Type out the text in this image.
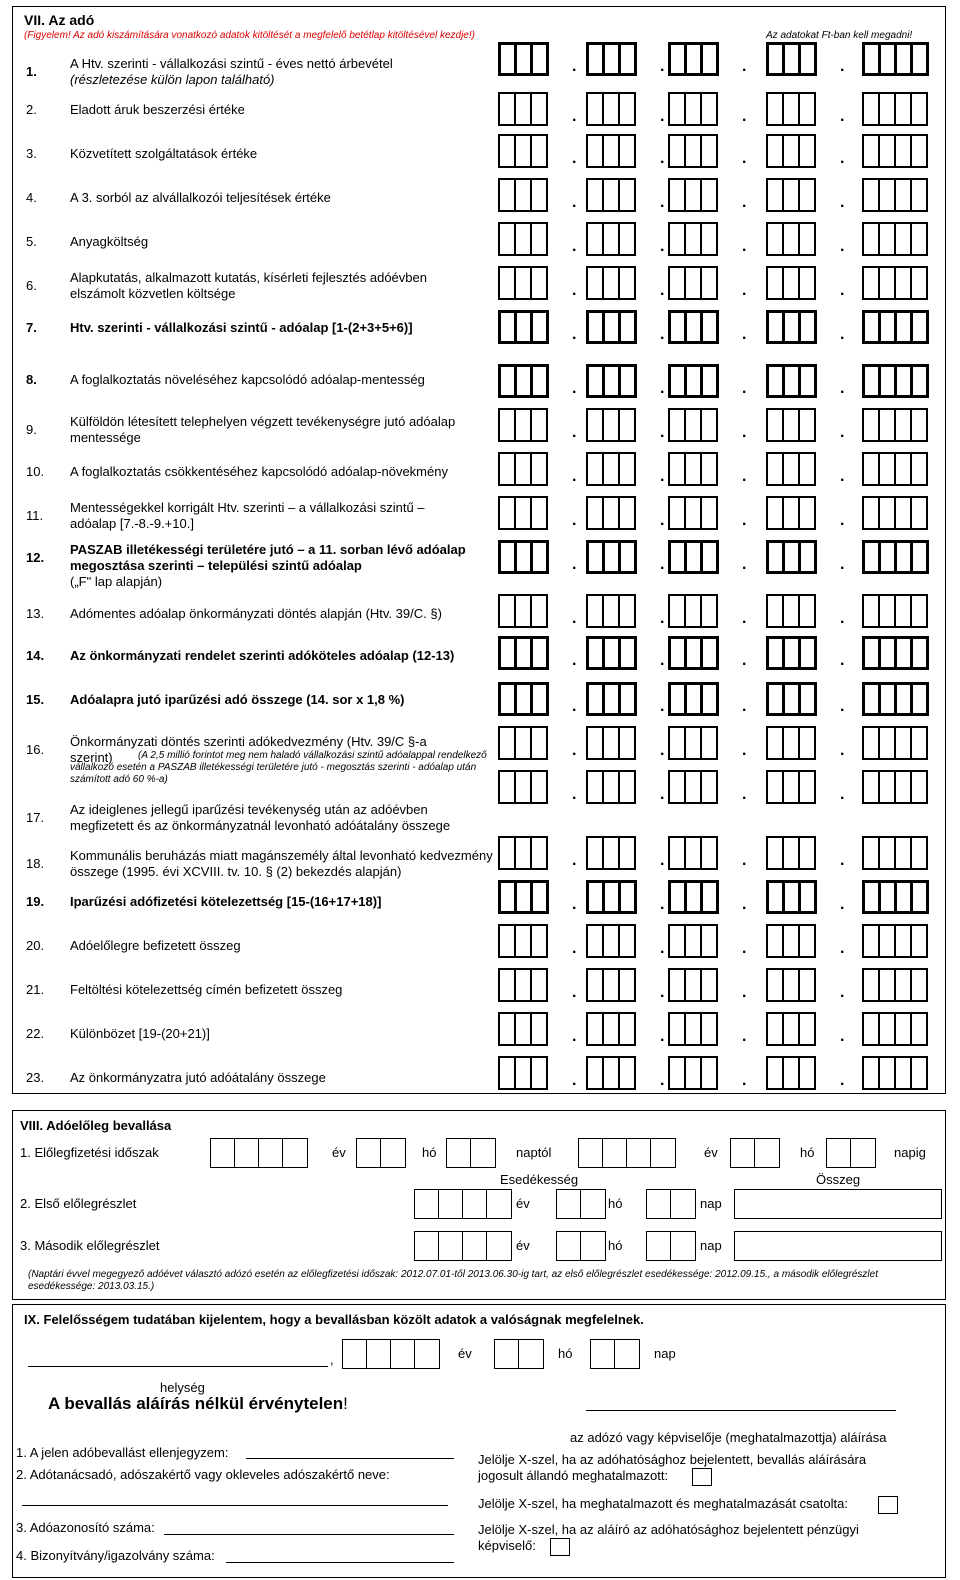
VII. Az adó
(Figyelem! Az adó kiszámítására vonatkozó adatok kitöltését a megfelelő betétlap kitöltésével kezdje!)	Az adatokat Ft-ban kell megadni!
1.
A Htv. szerinti - vállalkozási szintű - éves nettó árbevétel
(részletezése külön lapon található)
.	.	.	.
2.	Eladott áruk beszerzési értéke	.	.	.	.
3.	Közvetített szolgáltatások értéke	.	.	.	.
4.	A 3. sorból az alvállalkozói teljesítések értéke	.	.	.	.
5.	Anyagköltség	.	.	.	.
6.
Alapkutatás, alkalmazott kutatás, kísérleti fejlesztés adóévben
elszámolt közvetlen költsége	.	.	.	.
7.	Htv. szerinti - vállalkozási szintű - adóalap [1-(2+3+5+6)]	.	.	.	.
8.	A foglalkoztatás növeléséhez kapcsolódó adóalap-mentesség
.	.	.	.
9.
Külföldön létesített telephelyen végzett tevékenységre jutó adóalap
mentessége	.	.	.	.
10. A foglalkoztatás csökkentéséhez kapcsolódó adóalap-növekmény	.	.	.	.
11.
Mentességekkel korrigált Htv. szerinti – a vállalkozási szintű –
adóalap [7.-8.-9.+10.]	.	.	.	.
12.
PASZAB illetékességi területére jutó – a 11. sorban lévő adóalap
megosztása szerinti – települési szintű adóalap
(„F" lap alapján)
.	.	.	.
13. Adómentes adóalap önkormányzati döntés alapján (Htv. 39/C. §)	.	.	.	.
14. Az önkormányzati rendelet szerinti adóköteles adóalap (12-13)	.	.	.	.
15. Adóalapra jutó iparűzési adó összege (14. sor x 1,8 %)	.	.	.	.
16.
Önkormányzati döntés szerinti adókedvezmény (Htv. 39/C §-a
szerint)	(A 2,5 millió forintot meg nem haladó vállalkozási szintű adóalappal rendelkező vállalkozó esetén a PASZAB illetékességi területére jutó - megosztás szerinti - adóalap után számított adó 60 %-a)
.	.	.	.
17.
Az ideiglenes jellegű iparűzési tevékenység után az adóévben
megfizetett és az önkormányzatnál levonható adóátalány összege
.	.	.	.
18.
Kommunális beruházás miatt magánszemély által levonható kedvezmény
összege (1995. évi XCVIII. tv. 10. § (2) bekezdés alapján)
.	.	.	.
19. Iparűzési adófizetési kötelezettség [15-(16+17+18)]	.	.	.	.
20. Adóelőlegre befizetett összeg	.	.	.	.
21. Feltöltési kötelezettség címén befizetett összeg	.	.	.	.
22. Különbözet [19-(20+21)]	.	.	.	.
23. Az önkormányzatra jutó adóátalány összege	.	.	.	.
VIII. Adóelőleg bevallása
1. Előlegfizetési időszak	év	hó	naptól	év	hó	napig
Esedékesség	Összeg
2. Első előlegrészlet	év	hó	nap
3. Második előlegrészlet	év	hó	nap
(Naptári évvel megegyező adóévet választó adózó esetén az előlegfizetési időszak: 2012.07.01-től 2013.06.30-ig tart, az első előlegrészlet esedékessége: 2012.09.15., a második előlegrészlet esedékessége: 2013.03.15.)
IX. Felelősségem tudatában kijelentem, hogy a bevallásban közölt adatok a valóságnak megfelelnek.
,	év	hó	nap
helység
A bevallás aláírás nélkül érvénytelen!
az adózó vagy képviselője (meghatalmazottja) aláírása
1. A jelen adóbevallást ellenjegyzem:
2. Adótanácsadó, adószakértő vagy okleveles adószakértő neve:
3. Adóazonosító száma:
4. Bizonyítvány/igazolvány száma:
Jelölje X-szel, ha az adóhatósághoz bejelentett, bevallás aláírására jogosult állandó meghatalmazott:
Jelölje X-szel, ha meghatalmazott és meghatalmazását csatolta:
Jelölje X-szel, ha az aláíró az adóhatósághoz bejelentett pénzügyi képviselő:
